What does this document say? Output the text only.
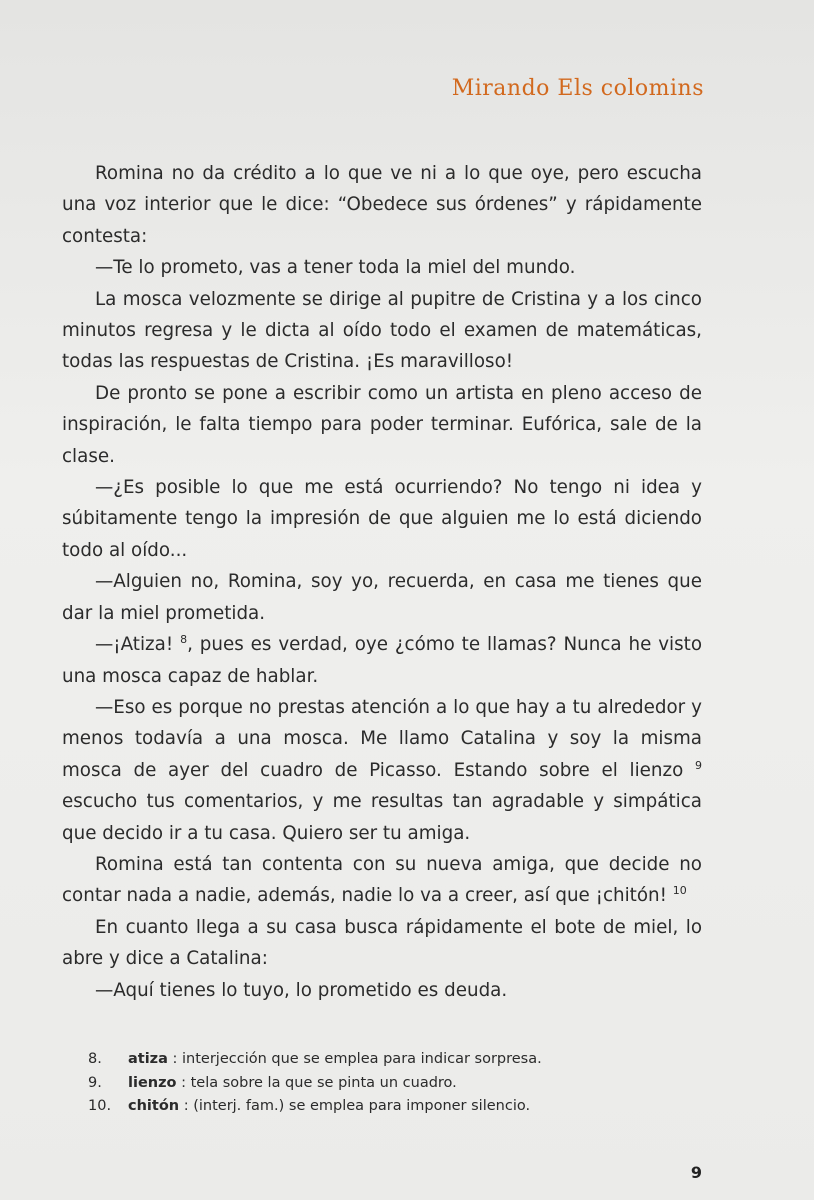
Mirando Els colomins

Romina no da crédito a lo que ve ni a lo que oye, pero escucha una voz interior que le dice: “Obedece sus órdenes” y rápidamente contesta:

—Te lo prometo, vas a tener toda la miel del mundo.

La mosca velozmente se dirige al pupitre de Cristina y a los cinco minutos regresa y le dicta al oído todo el examen de matemáticas, todas las respuestas de Cristina. ¡Es maravilloso!

De pronto se pone a escribir como un artista en pleno acceso de inspiración, le falta tiempo para poder terminar. Eufórica, sale de la clase.

—¿Es posible lo que me está ocurriendo? No tengo ni idea y súbitamente tengo la impresión de que alguien me lo está diciendo todo al oído...

—Alguien no, Romina, soy yo, recuerda, en casa me tienes que dar la miel prometida.

—¡Atiza! $^8$, pues es verdad, oye ¿cómo te llamas? Nunca he visto una mosca capaz de hablar.

—Eso es porque no prestas atención a lo que hay a tu alrededor y menos todavía a una mosca. Me llamo Catalina y soy la misma mosca de ayer del cuadro de Picasso. Estando sobre el lienzo $^9$ escucho tus comentarios, y me resultas tan agradable y simpática que decido ir a tu casa. Quiero ser tu amiga.

Romina está tan contenta con su nueva amiga, que decide no contar nada a nadie, además, nadie lo va a creer, así que ¡chitón! $^{10}$

En cuanto llega a su casa busca rápidamente el bote de miel, lo abre y dice a Catalina:

—Aquí tienes lo tuyo, lo prometido es deuda.

8.	atiza : interjección que se emplea para indicar sorpresa.
9.	lienzo : tela sobre la que se pinta un cuadro.
10.	chitón : (interj. fam.) se emplea para imponer silencio.
9
